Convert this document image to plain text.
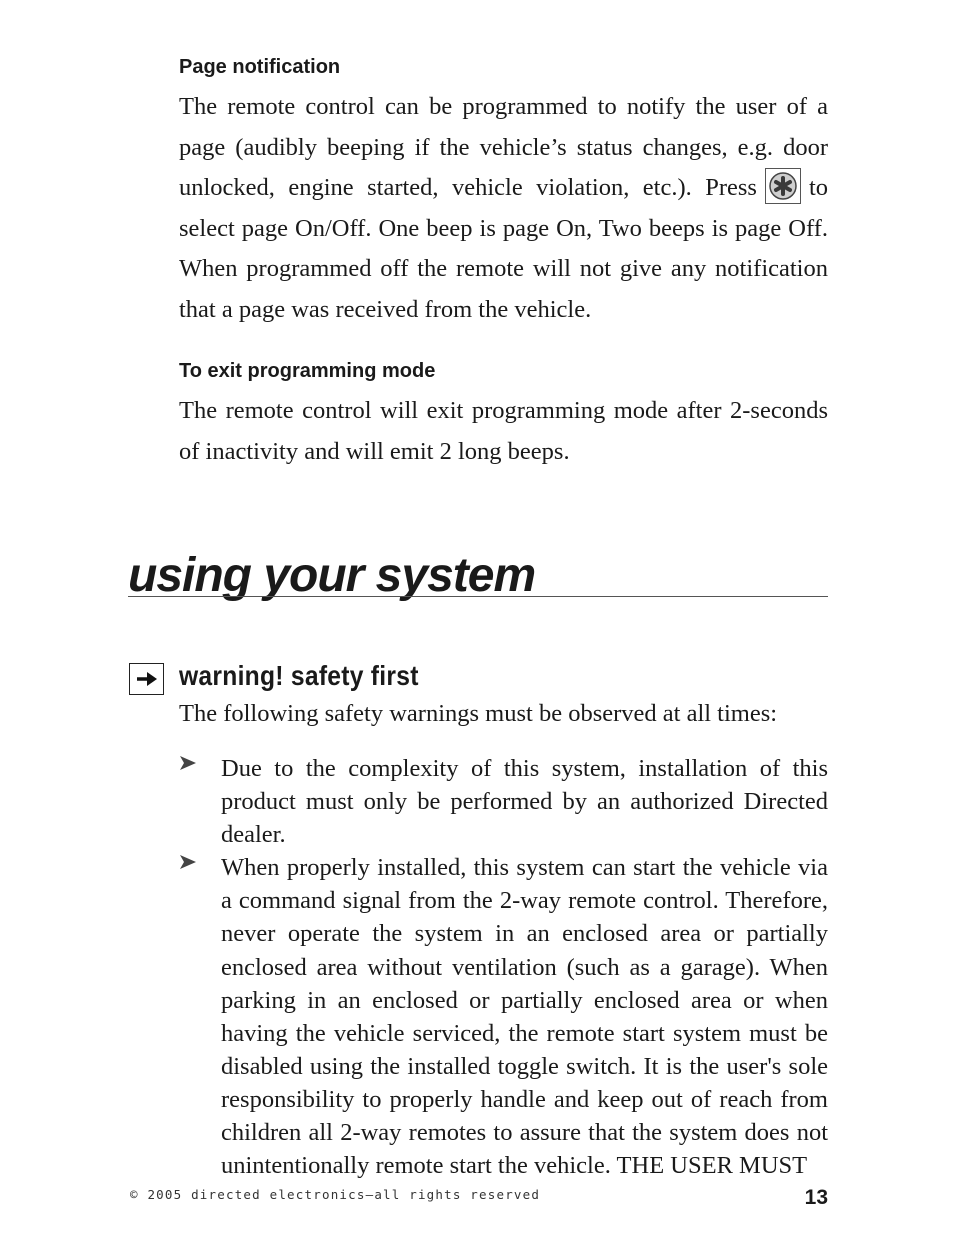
Page notification

The remote control can be programmed to notify the user of a page (audibly beeping if the vehicle’s status changes, e.g. door unlocked, engine started, vehicle violation, etc.). Press to select page On/Off. One beep is page On, Two beeps is page Off. When programmed off the remote will not give any notification that a page was received from the vehicle.

To exit programming mode

The remote control will exit programming mode after 2-seconds of inactivity and will emit 2 long beeps.

using your system
warning! safety first

The following safety warnings must be observed at all times:

Due to the complexity of this system, installation of this product must only be performed by an authorized Directed dealer.
When properly installed, this system can start the vehicle via a command signal from the 2-way remote control. Therefore, never operate the system in an enclosed area or partially enclosed area without ventilation (such as a garage). When parking in an enclosed or partially enclosed area or when having the vehicle serviced, the remote start system must be disabled using the installed toggle switch. It is the user's sole responsibility to properly handle and keep out of reach from children all 2-way remotes to assure that the system does not unintentionally remote start the vehicle. THE USER MUST

© 2005 directed electronics—all rights reserved	13
